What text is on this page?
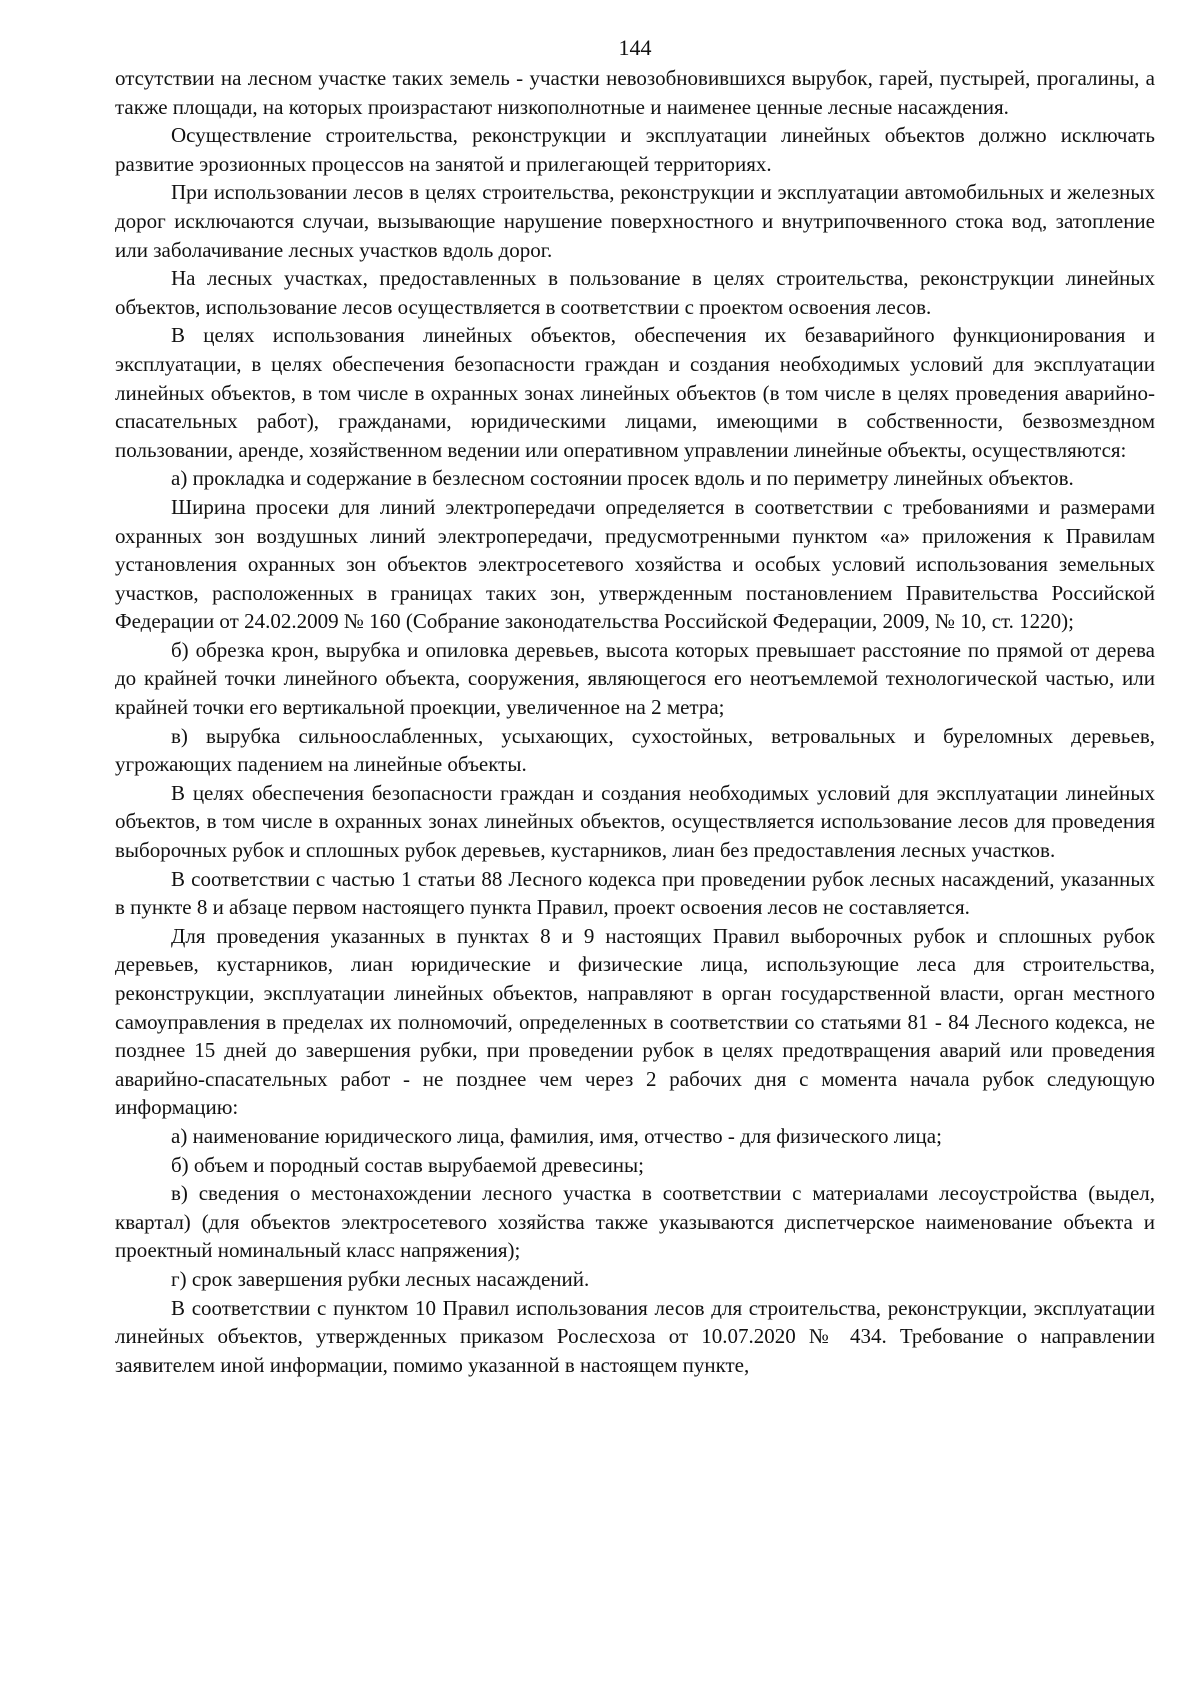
144

отсутствии на лесном участке таких земель - участки невозобновившихся вырубок, гарей, пустырей, прогалины, а также площади, на которых произрастают низкополнотные и наименее ценные лесные насаждения.

Осуществление строительства, реконструкции и эксплуатации линейных объектов должно исключать развитие эрозионных процессов на занятой и прилегающей территориях.

При использовании лесов в целях строительства, реконструкции и эксплуатации автомобильных и железных дорог исключаются случаи, вызывающие нарушение поверхностного и внутрипочвенного стока вод, затопление или заболачивание лесных участков вдоль дорог.

На лесных участках, предоставленных в пользование в целях строительства, реконструкции линейных объектов, использование лесов осуществляется в соответствии с проектом освоения лесов.

В целях использования линейных объектов, обеспечения их безаварийного функционирования и эксплуатации, в целях обеспечения безопасности граждан и создания необходимых условий для эксплуатации линейных объектов, в том числе в охранных зонах линейных объектов (в том числе в целях проведения аварийно-спасательных работ), гражданами, юридическими лицами, имеющими в собственности, безвозмездном пользовании, аренде, хозяйственном ведении или оперативном управлении линейные объекты, осуществляются:

а) прокладка и содержание в безлесном состоянии просек вдоль и по периметру линейных объектов.

Ширина просеки для линий электропередачи определяется в соответствии с требованиями и размерами охранных зон воздушных линий электропередачи, предусмотренными пунктом «а» приложения к Правилам установления охранных зон объектов электросетевого хозяйства и особых условий использования земельных участков, расположенных в границах таких зон, утвержденным постановлением Правительства Российской Федерации от 24.02.2009 № 160 (Собрание законодательства Российской Федерации, 2009, № 10, ст. 1220);

б) обрезка крон, вырубка и опиловка деревьев, высота которых превышает расстояние по прямой от дерева до крайней точки линейного объекта, сооружения, являющегося его неотъемлемой технологической частью, или крайней точки его вертикальной проекции, увеличенное на 2 метра;

в) вырубка сильноослабленных, усыхающих, сухостойных, ветровальных и буреломных деревьев, угрожающих падением на линейные объекты.

В целях обеспечения безопасности граждан и создания необходимых условий для эксплуатации линейных объектов, в том числе в охранных зонах линейных объектов, осуществляется использование лесов для проведения выборочных рубок и сплошных рубок деревьев, кустарников, лиан без предоставления лесных участков.

В соответствии с частью 1 статьи 88 Лесного кодекса при проведении рубок лесных насаждений, указанных в пункте 8 и абзаце первом настоящего пункта Правил, проект освоения лесов не составляется.

Для проведения указанных в пунктах 8 и 9 настоящих Правил выборочных рубок и сплошных рубок деревьев, кустарников, лиан юридические и физические лица, использующие леса для строительства, реконструкции, эксплуатации линейных объектов, направляют в орган государственной власти, орган местного самоуправления в пределах их полномочий, определенных в соответствии со статьями 81 - 84 Лесного кодекса, не позднее 15 дней до завершения рубки, при проведении рубок в целях предотвращения аварий или проведения аварийно-спасательных работ - не позднее чем через 2 рабочих дня с момента начала рубок следующую информацию:

а) наименование юридического лица, фамилия, имя, отчество - для физического лица;

б) объем и породный состав вырубаемой древесины;

в) сведения о местонахождении лесного участка в соответствии с материалами лесоустройства (выдел, квартал) (для объектов электросетевого хозяйства также указываются диспетчерское наименование объекта и проектный номинальный класс напряжения);

г) срок завершения рубки лесных насаждений.

В соответствии с пунктом 10 Правил использования лесов для строительства, реконструкции, эксплуатации линейных объектов, утвержденных приказом Рослесхоза от 10.07.2020 № 434. Требование о направлении заявителем иной информации, помимо указанной в настоящем пункте,
